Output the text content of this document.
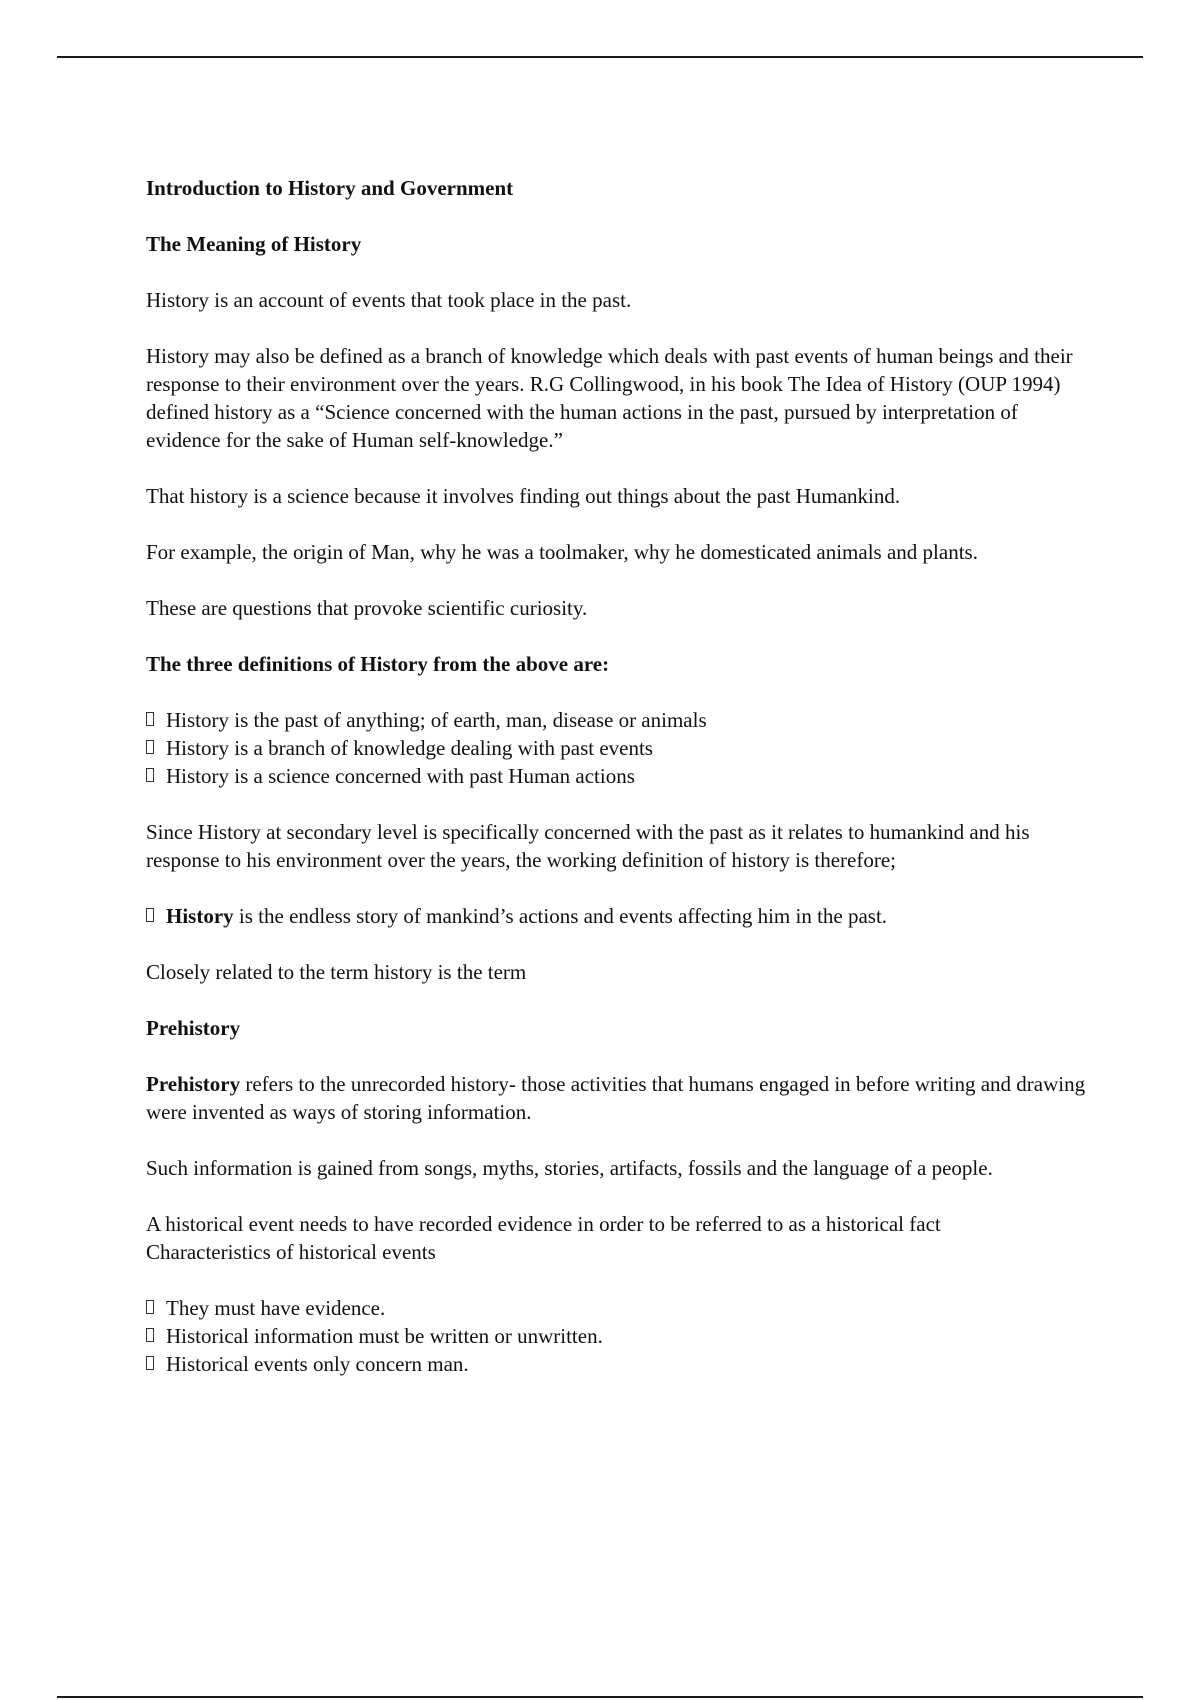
Introduction to History and Government

The Meaning of History

History is an account of events that took place in the past.

History may also be defined as a branch of knowledge which deals with past events of human beings and their response to their environment over the years. R.G Collingwood, in his book The Idea of History (OUP 1994) defined history as a “Science concerned with the human actions in the past, pursued by interpretation of evidence for the sake of Human self-knowledge.”

That history is a science because it involves finding out things about the past Humankind.

For example, the origin of Man, why he was a toolmaker, why he domesticated animals and plants.

These are questions that provoke scientific curiosity.

The three definitions of History from the above are:

History is the past of anything; of earth, man, disease or animals
History is a branch of knowledge dealing with past events
History is a science concerned with past Human actions

Since History at secondary level is specifically concerned with the past as it relates to humankind and his response to his environment over the years, the working definition of history is therefore;

History is the endless story of mankind’s actions and events affecting him in the past.

Closely related to the term history is the term

Prehistory

Prehistory refers to the unrecorded history- those activities that humans engaged in before writing and drawing were invented as ways of storing information.

Such information is gained from songs, myths, stories, artifacts, fossils and the language of a people.

A historical event needs to have recorded evidence in order to be referred to as a historical fact
Characteristics of historical events

They must have evidence.
Historical information must be written or unwritten.
Historical events only concern man.
